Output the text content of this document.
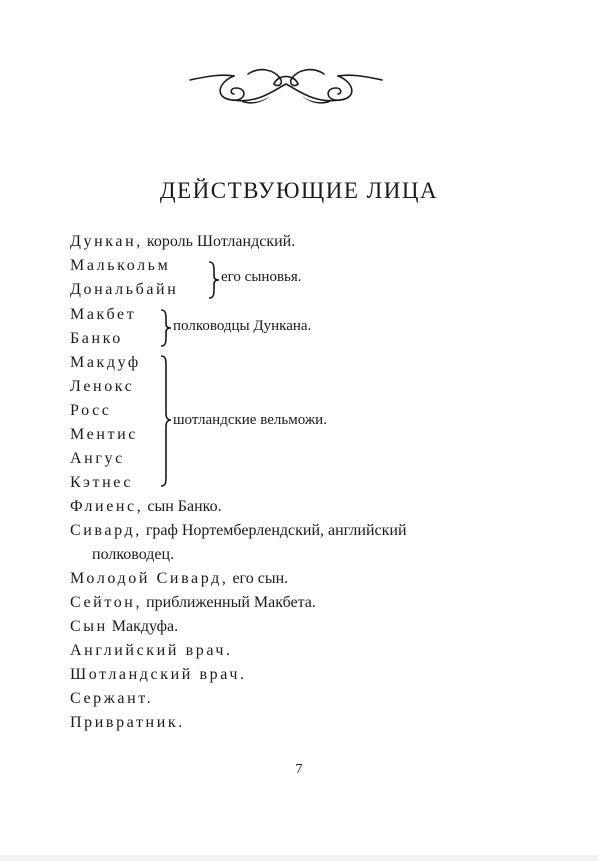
ДЕЙСТВУЮЩИЕ ЛИЦА
Дункан, король Шотландский.
Малькольм
Дональбайн
его сыновья.
Макбет
Банко
полководцы Дункана.
Макдуф
Ленокс
Росс
Ментис
Ангус
Кэтнес
шотландские вельможи.
Флиенс, сын Банко.
Сивард, граф Нортемберлендский, английский
полководец.
Молодой Сивард, его сын.
Сейтон, приближенный Макбета.
Сын Макдуфа.
Английский врач.
Шотландский врач.
Сержант.
Привратник.
7
